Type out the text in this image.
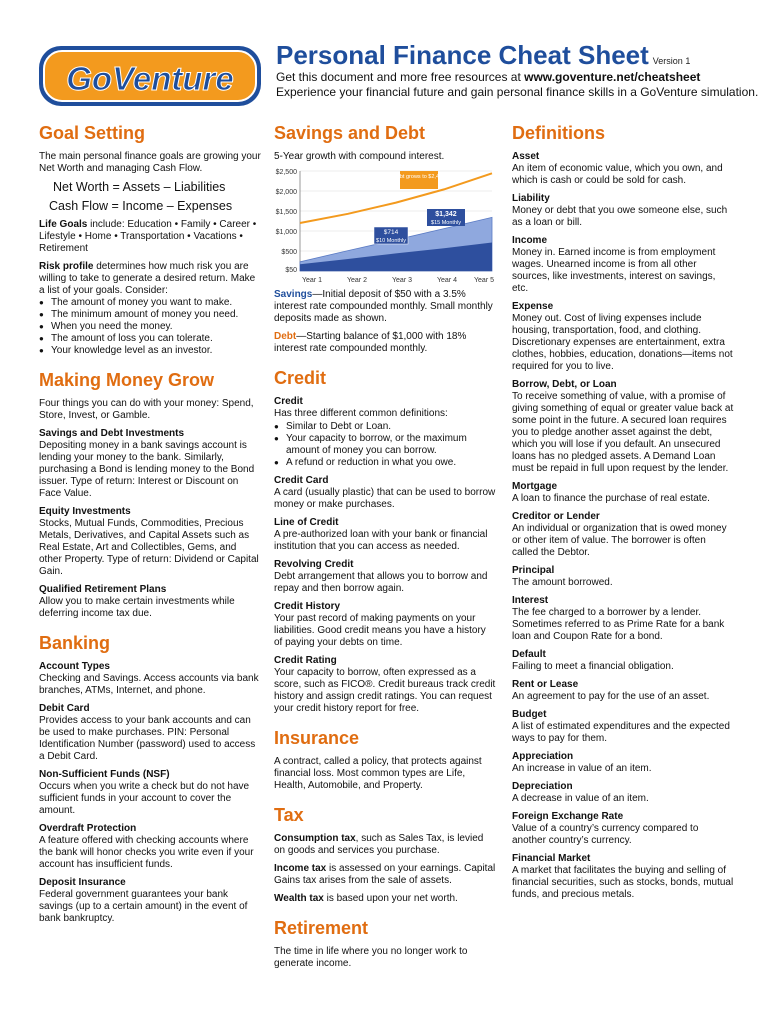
GoVenture
Personal Finance Cheat Sheet Version 1
Get this document and more free resources at www.goventure.net/cheatsheet
Experience your financial future and gain personal finance skills in a GoVenture simulation.
Goal Setting

The main personal finance goals are growing your Net Worth and managing Cash Flow.

Net Worth = Assets – Liabilities
Cash Flow = Income – Expenses

Life Goals include: Education • Family • Career • Lifestyle • Home • Transportation • Vacations • Retirement

Risk profile determines how much risk you are willing to take to generate a desired return. Make a list of your goals. Consider:

● The amount of money you want to make.
● The minimum amount of money you need.
● When you need the money.
● The amount of loss you can tolerate.
● Your knowledge level as an investor.
Making Money Grow

Four things you can do with your money: Spend, Store, Invest, or Gamble.

Savings and Debt Investments

Depositing money in a bank savings account is lending your money to the bank. Similarly, purchasing a Bond is lending money to the Bond issuer. Type of return: Interest or Discount on Face Value.

Equity Investments

Stocks, Mutual Funds, Commodities, Precious Metals, Derivatives, and Capital Assets such as Real Estate, Art and Collectibles, Gems, and other Property. Type of return: Dividend or Capital Gain.

Qualified Retirement Plans

Allow you to make certain investments while deferring income tax due.

Banking
Account Types

Checking and Savings. Access accounts via bank branches, ATMs, Internet, and phone.

Debit Card

Provides access to your bank accounts and can be used to make purchases. PIN: Personal Identification Number (password) used to access a Debit Card.

Non-Sufficient Funds (NSF)

Occurs when you write a check but do not have sufficient funds in your account to cover the amount.

Overdraft Protection

A feature offered with checking accounts where the bank will honor checks you write even if your account has insufficient funds.

Deposit Insurance

Federal government guarantees your bank savings (up to a certain amount) in the event of bank bankruptcy.

Savings and Debt

5-Year growth with compound interest.

$50
$500
$1,000
$1,500
$2,000
$2,500
Year 1	Year 2	Year 3	Year 4 Year 5
Debt grows to $2,443
$1,342
$15 Monthly
$714
$10 Monthly

Savings—Initial deposit of $50 with a 3.5% interest rate compounded monthly. Small monthly deposits made as shown.

Debt—Starting balance of $1,000 with 18% interest rate compounded monthly.

Credit
Credit

Has three different common definitions:

● Similar to Debt or Loan.
● Your capacity to borrow, or the maximum amount of money you can borrow.
● A refund or reduction in what you owe.
Credit Card

A card (usually plastic) that can be used to borrow money or make purchases.

Line of Credit

A pre-authorized loan with your bank or financial institution that you can access as needed.

Revolving Credit

Debt arrangement that allows you to borrow and repay and then borrow again.

Credit History

Your past record of making payments on your liabilities. Good credit means you have a history of paying your debts on time.

Credit Rating

Your capacity to borrow, often expressed as a score, such as FICO®. Credit bureaus track credit history and assign credit ratings. You can request your credit history report for free.

Insurance

A contract, called a policy, that protects against financial loss. Most common types are Life, Health, Automobile, and Property.

Tax

Consumption tax, such as Sales Tax, is levied on goods and services you purchase.

Income tax is assessed on your earnings. Capital Gains tax arises from the sale of assets.

Wealth tax is based upon your net worth.

Retirement

The time in life where you no longer work to generate income.

Definitions
Asset

An item of economic value, which you own, and which is cash or could be sold for cash.

Liability

Money or debt that you owe someone else, such as a loan or bill.

Income

Money in. Earned income is from employment wages. Unearned income is from all other sources, like investments, interest on savings, etc.

Expense

Money out. Cost of living expenses include housing, transportation, food, and clothing. Discretionary expenses are entertainment, extra clothes, hobbies, education, donations—items not required for you to live.

Borrow, Debt, or Loan

To receive something of value, with a promise of giving something of equal or greater value back at some point in the future. A secured loan requires you to pledge another asset against the debt, which you will lose if you default. An unsecured loans has no pledged assets. A Demand Loan must be repaid in full upon request by the lender.

Mortgage

A loan to finance the purchase of real estate.

Creditor or Lender

An individual or organization that is owed money or other item of value. The borrower is often called the Debtor.

Principal

The amount borrowed.

Interest

The fee charged to a borrower by a lender. Sometimes referred to as Prime Rate for a bank loan and Coupon Rate for a bond.

Default

Failing to meet a financial obligation.

Rent or Lease

An agreement to pay for the use of an asset.

Budget

A list of estimated expenditures and the expected ways to pay for them.

Appreciation

An increase in value of an item.

Depreciation

A decrease in value of an item.

Foreign Exchange Rate

Value of a country’s currency compared to another country’s currency.

Financial Market

A market that facilitates the buying and selling of financial securities, such as stocks, bonds, mutual funds, and precious metals.
